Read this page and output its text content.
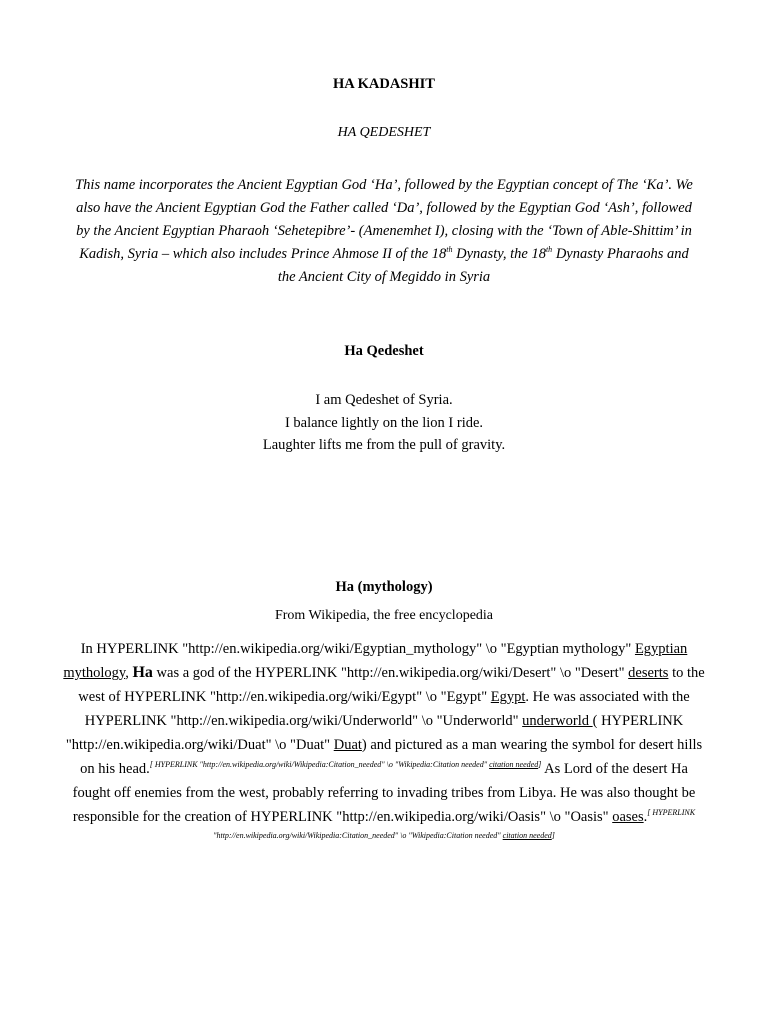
HA KADASHIT
HA QEDESHET
This name incorporates the Ancient Egyptian God ‘Ha’, followed by the Egyptian concept of The ‘Ka’. We also have the Ancient Egyptian God the Father called ‘Da’, followed by the Egyptian God ‘Ash’, followed by the Ancient Egyptian Pharaoh ‘Sehetepibre’- (Amenemhet I), closing with the ‘Town of Able-Shittim’ in Kadish, Syria – which also includes Prince Ahmose II of the 18th Dynasty, the 18th Dynasty Pharaohs and the Ancient City of Megiddo in Syria
Ha Qedeshet
I am Qedeshet of Syria.
I balance lightly on the lion I ride.
Laughter lifts me from the pull of gravity.
Ha (mythology)
From Wikipedia, the free encyclopedia
In HYPERLINK "http://en.wikipedia.org/wiki/Egyptian_mythology" \o "Egyptian mythology" Egyptian mythology, Ha was a god of the HYPERLINK "http://en.wikipedia.org/wiki/Desert" \o "Desert" deserts to the west of HYPERLINK "http://en.wikipedia.org/wiki/Egypt" \o "Egypt" Egypt. He was associated with the HYPERLINK "http://en.wikipedia.org/wiki/Underworld" \o "Underworld" underworld ( HYPERLINK "http://en.wikipedia.org/wiki/Duat" \o "Duat" Duat) and pictured as a man wearing the symbol for desert hills on his head.[ HYPERLINK "http://en.wikipedia.org/wiki/Wikipedia:Citation_needed" \o "Wikipedia:Citation needed" citation needed] As Lord of the desert Ha fought off enemies from the west, probably referring to invading tribes from Libya. He was also thought be responsible for the creation of HYPERLINK "http://en.wikipedia.org/wiki/Oasis" \o "Oasis" oases.$^{[ HYPERLINK}$
"http://en.wikipedia.org/wiki/Wikipedia:Citation_needed" \o "Wikipedia:Citation needed" citation needed]
